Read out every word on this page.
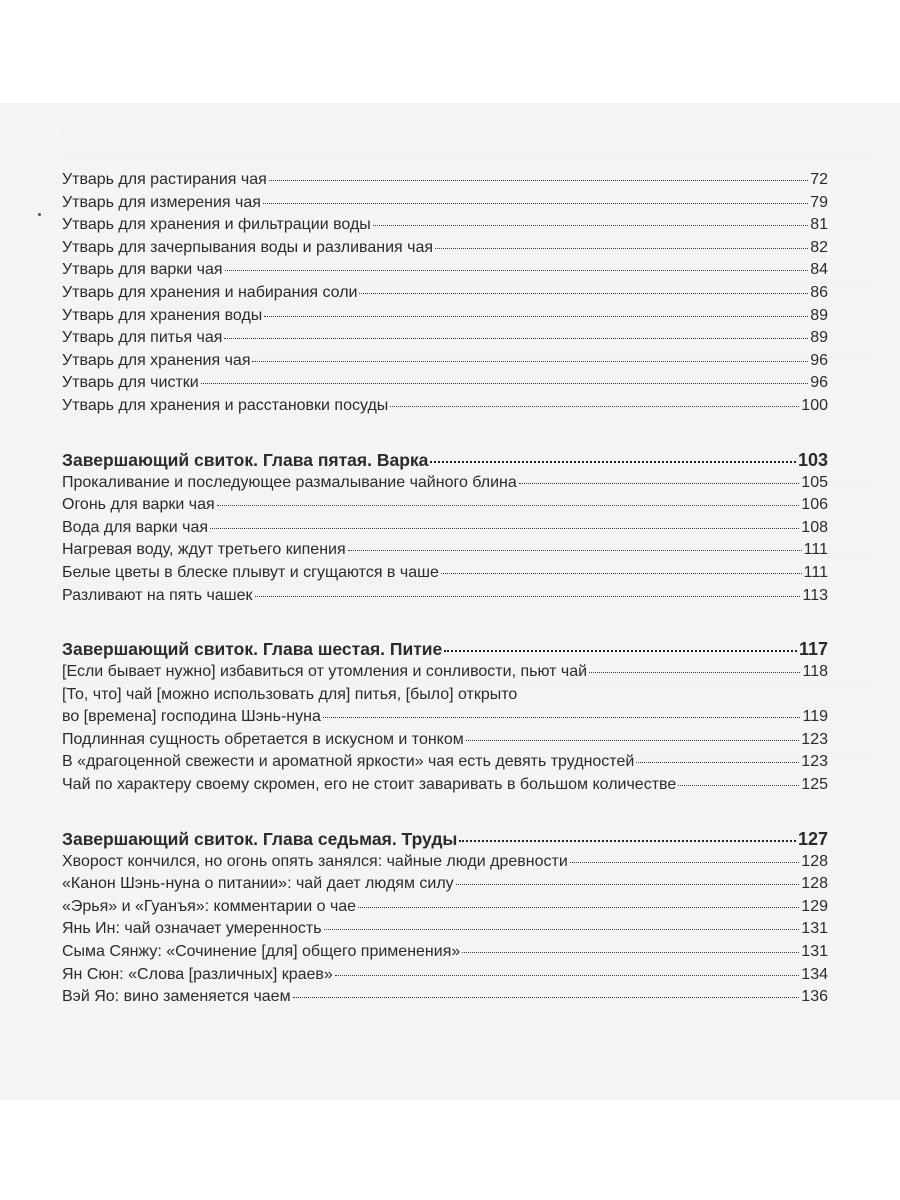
Утварь для растирания чая	72
Утварь для измерения чая	79
Утварь для хранения и фильтрации воды	81
Утварь для зачерпывания воды и разливания чая	82
Утварь для варки чая	84
Утварь для хранения и набирания соли	86
Утварь для хранения воды	89
Утварь для питья чая	89
Утварь для хранения чая	96
Утварь для чистки	96
Утварь для хранения и расстановки посуды	100
Завершающий свиток. Глава пятая. Варка	103
Прокаливание и последующее размалывание чайного блина	105
Огонь для варки чая	106
Вода для варки чая	108
Нагревая воду, ждут третьего кипения	111
Белые цветы в блеске плывут и сгущаются в чаше	111
Разливают на пять чашек	113
Завершающий свиток. Глава шестая. Питие	117
[Если бывает нужно] избавиться от утомления и сонливости, пьют чай	118
[То, что] чай [можно использовать для] питья, [было] открыто
во [времена] господина Шэнь-нуна	119
Подлинная сущность обретается в искусном и тонком	123
В «драгоценной свежести и ароматной яркости» чая есть девять трудностей	123
Чай по характеру своему скромен, его не стоит заваривать в большом количестве	125
Завершающий свиток. Глава седьмая. Труды	127
Хворост кончился, но огонь опять занялся: чайные люди древности	128
«Канон Шэнь-нуна о питании»: чай дает людям силу	128
«Эрья» и «Гуанъя»: комментарии о чае	129
Янь Ин: чай означает умеренность	131
Сыма Сянжу: «Сочинение [для] общего применения»	131
Ян Сюн: «Слова [различных] краев»	134
Вэй Яо: вино заменяется чаем	136
